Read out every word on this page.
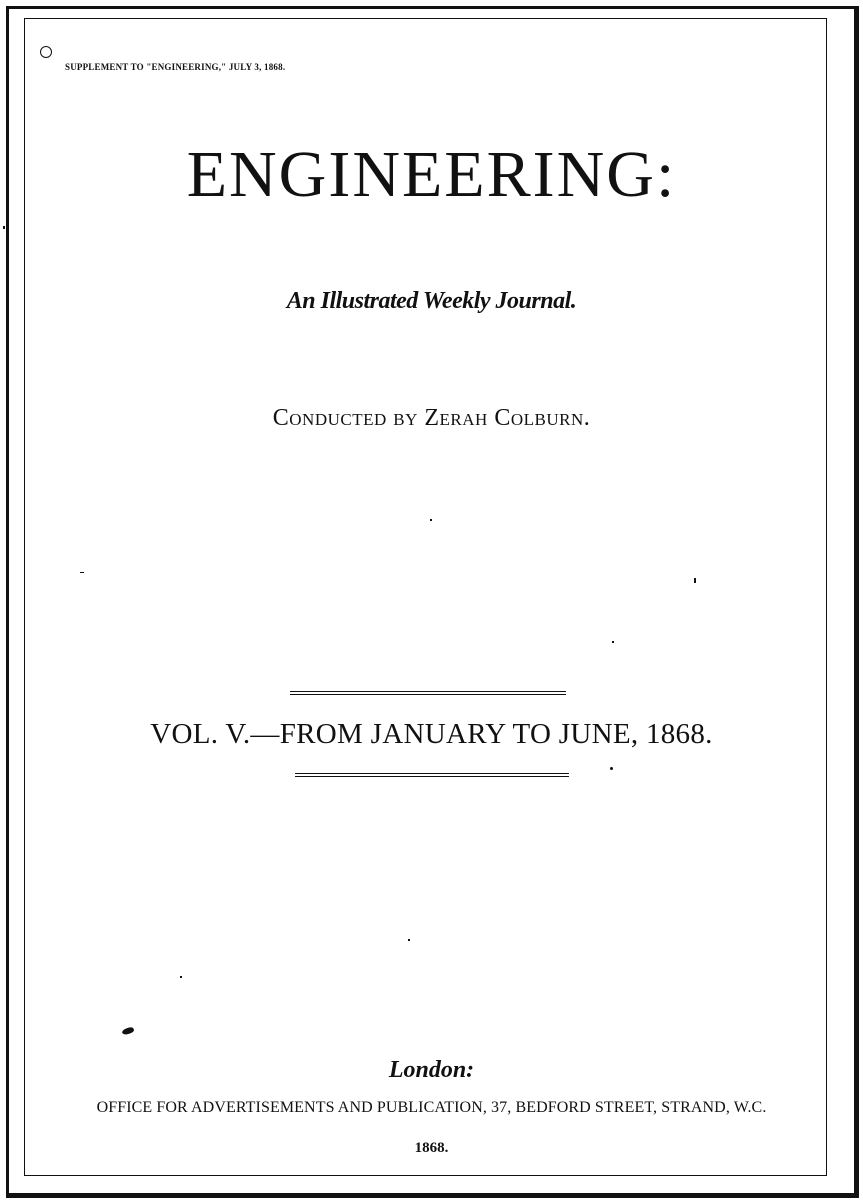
SUPPLEMENT TO "ENGINEERING," JULY 3, 1868.
ENGINEERING:
An Illustrated Weekly Journal.
Conducted by Zerah Colburn.
VOL. V.—FROM JANUARY TO JUNE, 1868.
London:
OFFICE FOR ADVERTISEMENTS AND PUBLICATION, 37, BEDFORD STREET, STRAND, W.C.
1868.
